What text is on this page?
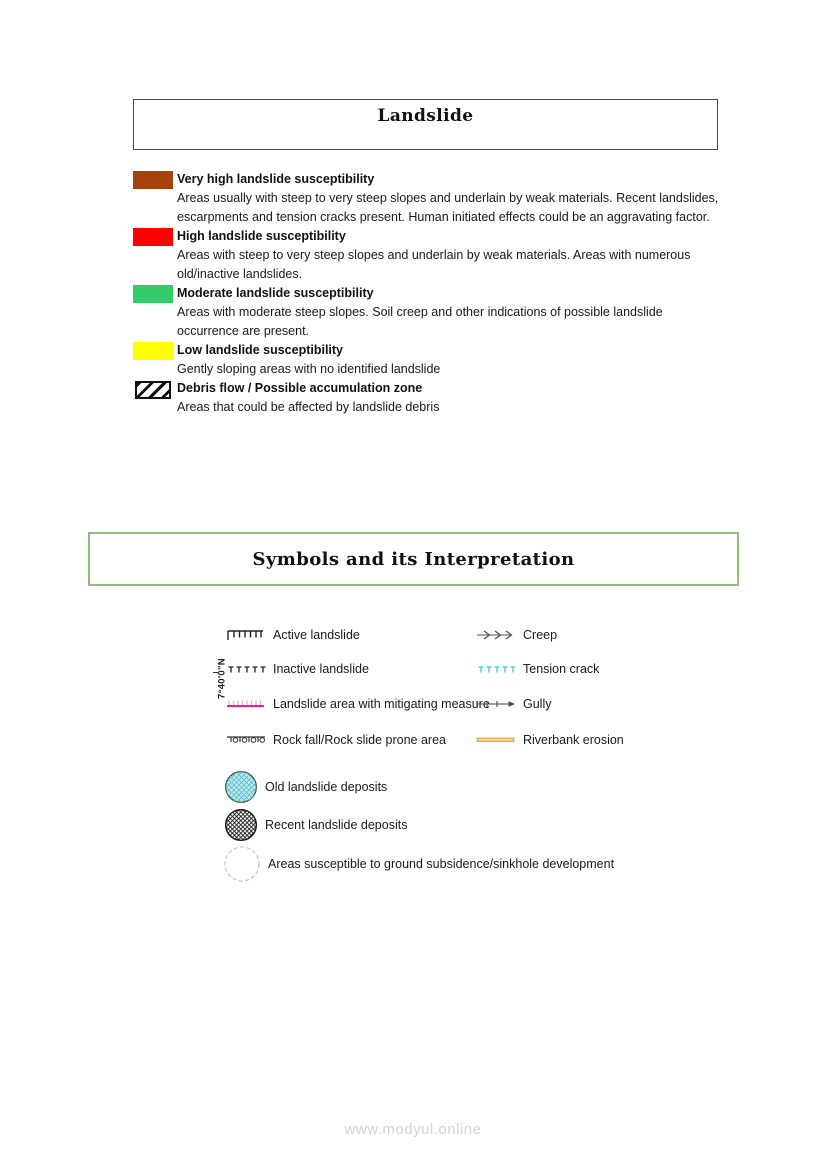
Landslide
Very high landslide susceptibility
Areas usually with steep to very steep slopes and underlain by weak materials. Recent landslides, escarpments and tension cracks present. Human initiated effects could be an aggravating factor.
High landslide susceptibility
Areas with steep to very steep slopes and underlain by weak materials. Areas with numerous old/inactive landslides.
Moderate landslide susceptibility
Areas with moderate steep slopes. Soil creep and other indications of possible landslide occurrence are present.
Low landslide susceptibility
Gently sloping areas with no identified landslide
Debris flow / Possible accumulation zone
Areas that could be affected by landslide debris
Symbols and its Interpretation
7°40'0"N
Active landslide
Inactive landslide
Landslide area with mitigating measure
Rock fall/Rock slide prone area
Old landslide deposits
Recent landslide deposits
Areas susceptible to ground subsidence/sinkhole development
Creep
Tension crack
Gully
Riverbank erosion
www.modyul.online
